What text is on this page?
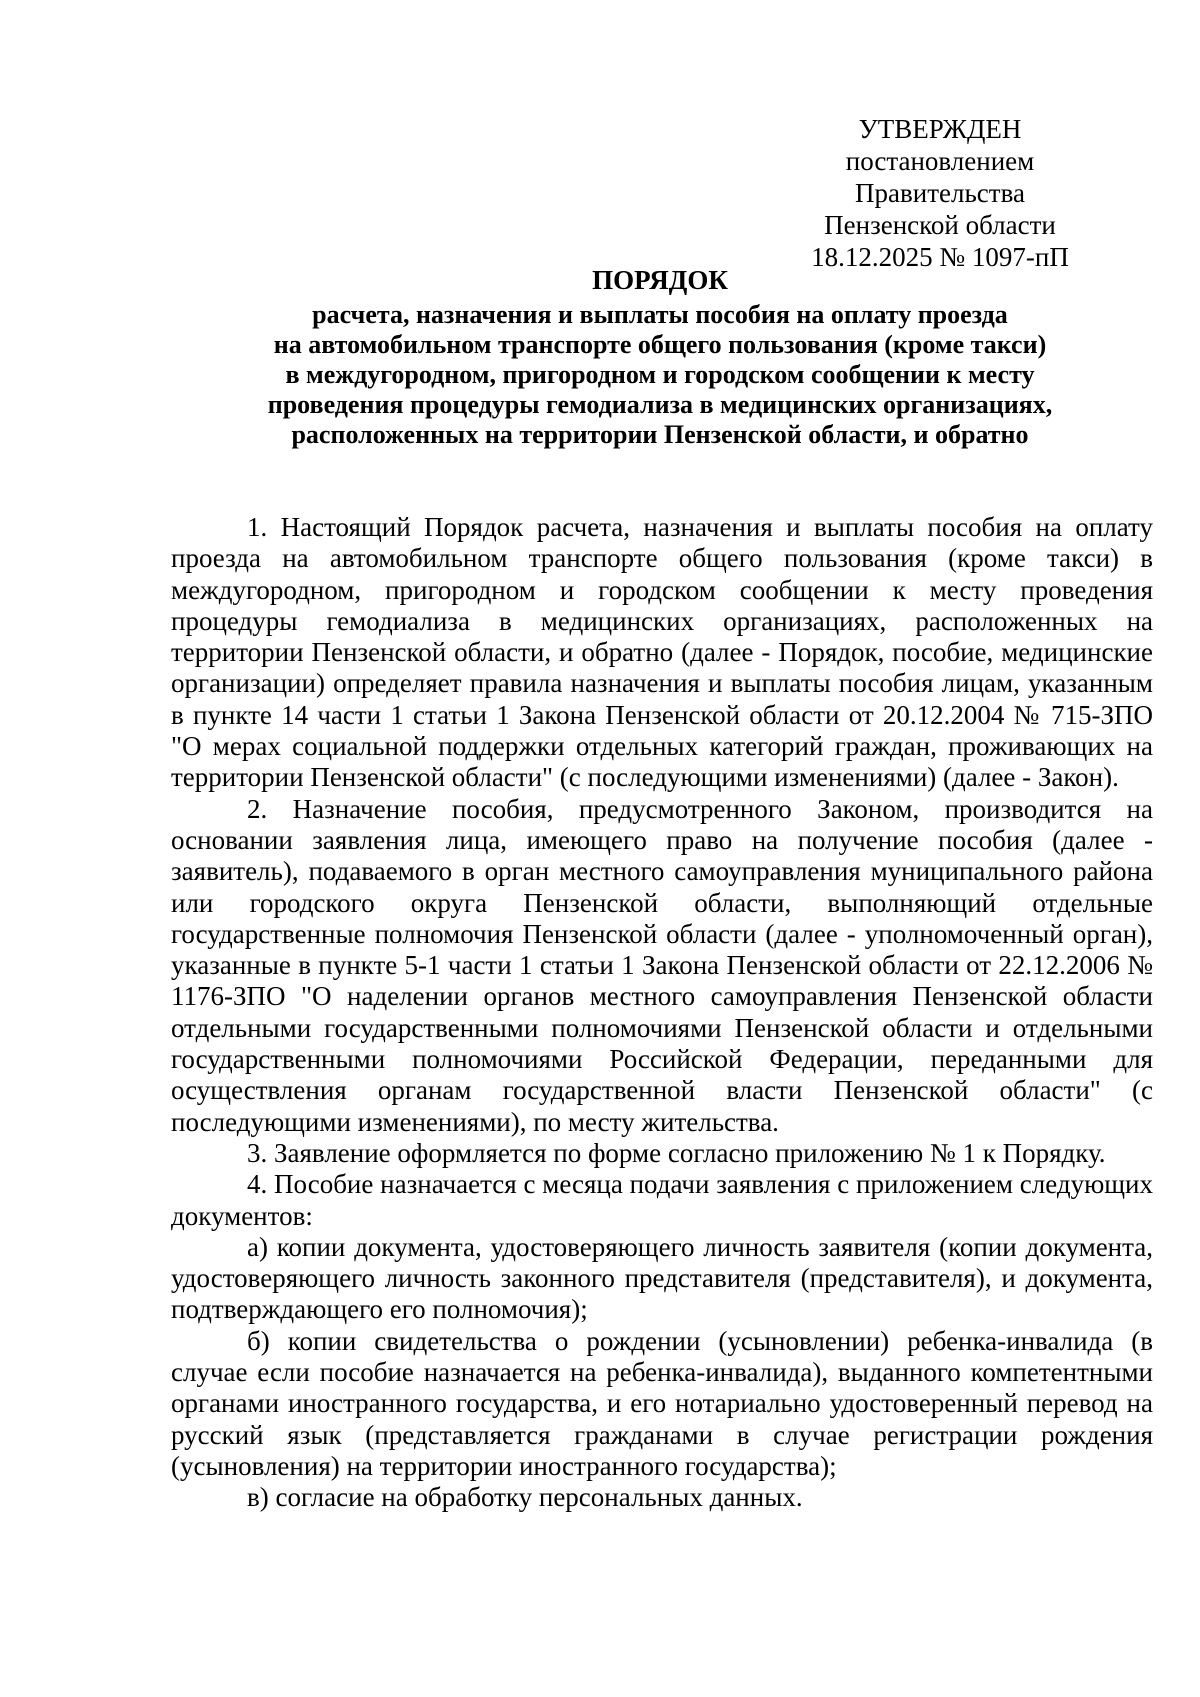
УТВЕРЖДЕН
постановлением Правительства
Пензенской области
18.12.2025 № 1097-пП
ПОРЯДОК
расчета, назначения и выплаты пособия на оплату проезда
на автомобильном транспорте общего пользования (кроме такси)
в междугородном, пригородном и городском сообщении к месту
проведения процедуры гемодиализа в медицинских организациях,
расположенных на территории Пензенской области, и обратно

1. Настоящий Порядок расчета, назначения и выплаты пособия на оплату проезда на автомобильном транспорте общего пользования (кроме такси) в междугородном, пригородном и городском сообщении к месту проведения процедуры гемодиализа в медицинских организациях, расположенных на территории Пензенской области, и обратно (далее - Порядок, пособие, медицинские организации) определяет правила назначения и выплаты пособия лицам, указанным в пункте 14 части 1 статьи 1 Закона Пензенской области от 20.12.2004 № 715-ЗПО "О мерах социальной поддержки отдельных категорий граждан, проживающих на территории Пензенской области" (с последующими изменениями) (далее - Закон).

2. Назначение пособия, предусмотренного Законом, производится на основании заявления лица, имеющего право на получение пособия (далее - заявитель), подаваемого в орган местного самоуправления муниципального района или городского округа Пензенской области, выполняющий отдельные государственные полномочия Пензенской области (далее - уполномоченный орган), указанные в пункте 5-1 части 1 статьи 1 Закона Пензенской области от 22.12.2006 № 1176-ЗПО "О наделении органов местного самоуправления Пензенской области отдельными государственными полномочиями Пензенской области и отдельными государственными полномочиями Российской Федерации, переданными для осуществления органам государственной власти Пензенской области" (с последующими изменениями), по месту жительства.

3. Заявление оформляется по форме согласно приложению № 1 к Порядку.

4. Пособие назначается с месяца подачи заявления с приложением следующих документов:

а) копии документа, удостоверяющего личность заявителя (копии документа, удостоверяющего личность законного представителя (представителя), и документа, подтверждающего его полномочия);

б) копии свидетельства о рождении (усыновлении) ребенка-инвалида (в случае если пособие назначается на ребенка-инвалида), выданного компетентными органами иностранного государства, и его нотариально удостоверенный перевод на русский язык (представляется гражданами в случае регистрации рождения (усыновления) на территории иностранного государства);

в) согласие на обработку персональных данных.
